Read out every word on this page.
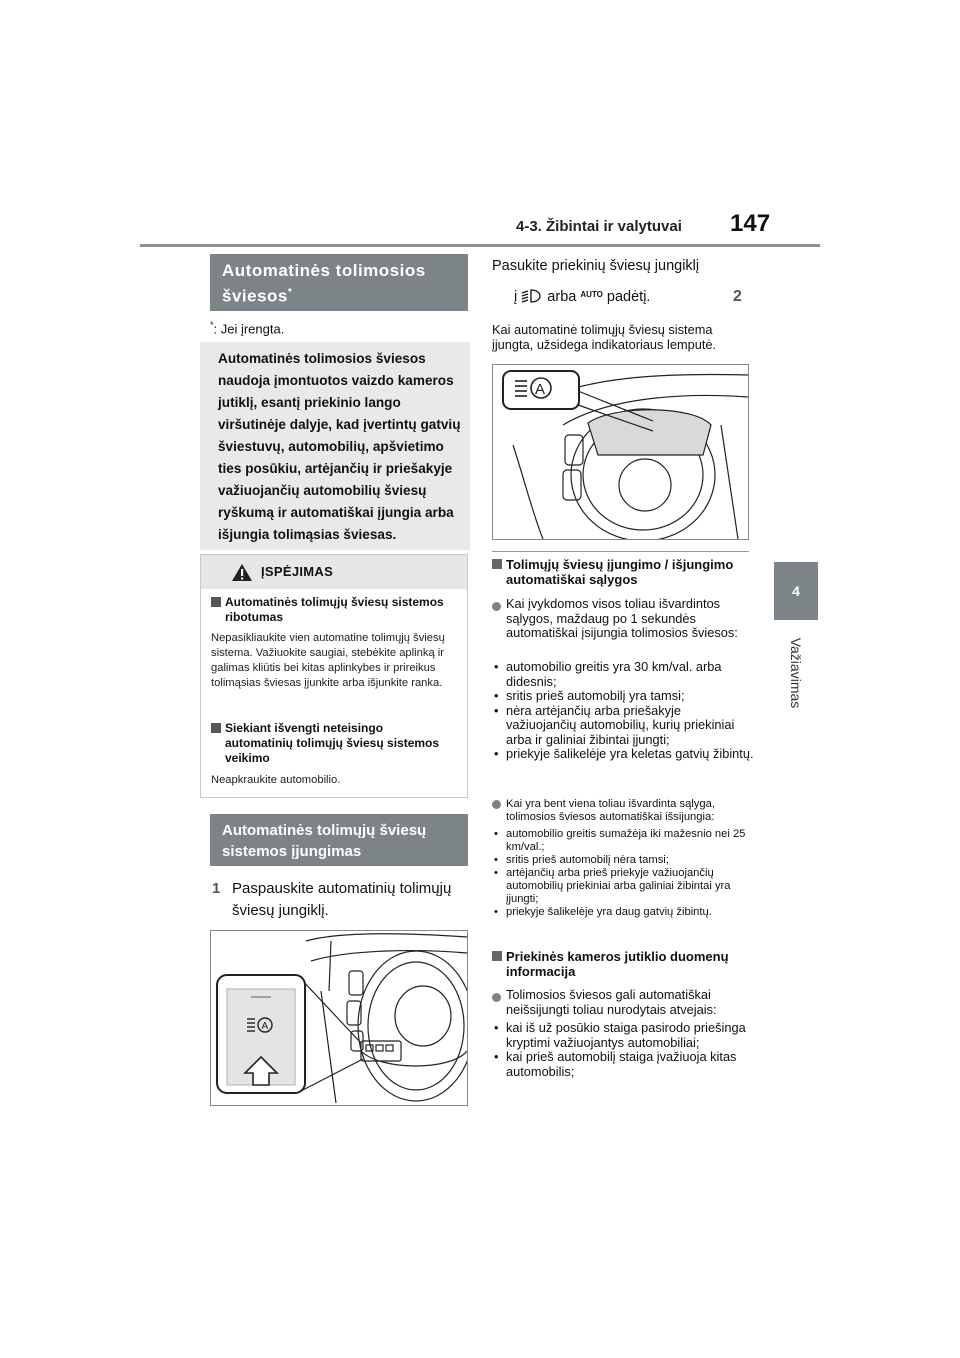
4-3. Žibintai ir valytuvai 147
4
Važiavimas
Automatinės tolimosios
šviesos*
*: Jei įrengta.
Automatinės tolimosios šviesos
naudoja įmontuotos vaizdo kameros
jutiklį, esantį priekinio lango
viršutinėje dalyje, kad įvertintų gatvių
šviestuvų, automobilių, apšvietimo
ties posūkiu, artėjančių ir priešakyje
važiuojančių automobilių šviesų
ryškumą ir automatiškai įjungia arba
išjungia tolimąsias šviesas.
ĮSPĖJIMAS
Automatinės tolimųjų šviesų sistemos ribotumas
Nepasikliaukite vien automatine tolimųjų šviesų sistema. Važiuokite saugiai, stebėkite aplinką ir galimas kliūtis bei kitas aplinkybes ir prireikus tolimąsias šviesas įjunkite arba išjunkite ranka.
Siekiant išvengti neteisingo automatinių tolimųjų šviesų sistemos veikimo
Neapkraukite automobilio.
Automatinės tolimųjų šviesų
sistemos įjungimas
1 Paspauskite automatinių tolimųjų šviesų jungiklį.
A
Pasukite priekinių šviesų jungiklį
į arba $^{AUTO}$ padėtį.	2
Kai automatinė tolimųjų šviesų sistema įjungta, užsidega indikatoriaus lemputė.
A
Tolimųjų šviesų įjungimo / išjungimo automatiškai sąlygos
Kai įvykdomos visos toliau išvardintos sąlygos, maždaug po 1 sekundės automatiškai įsijungia tolimosios šviesos:
• automobilio greitis yra 30 km/val. arba didesnis;
• sritis prieš automobilį yra tamsi;
• nėra artėjančių arba priešakyje važiuojančių automobilių, kurių priekiniai arba ir galiniai žibintai įjungti;
• priekyje šalikelėje yra keletas gatvių žibintų.
Kai yra bent viena toliau išvardinta sąlyga, tolimosios šviesos automatiškai išsijungia:
• automobilio greitis sumažėja iki mažesnio nei 25 km/val.;
• sritis prieš automobilį nėra tamsi;
• artėjančių arba prieš priekyje važiuojančių automobilių priekiniai arba galiniai žibintai yra įjungti;
• priekyje šalikelėje yra daug gatvių žibintų.
Priekinės kameros jutiklio duomenų informacija
Tolimosios šviesos gali automatiškai neišsijungti toliau nurodytais atvejais:
• kai iš už posūkio staiga pasirodo priešinga kryptimi važiuojantys automobiliai;
• kai prieš automobilį staiga įvažiuoja kitas automobilis;
